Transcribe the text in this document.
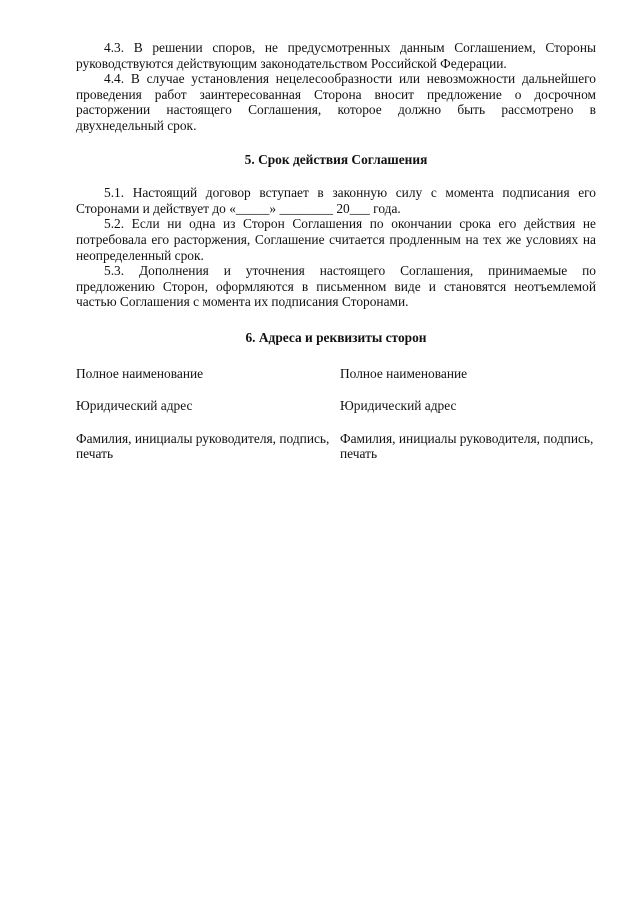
4.3. В решении споров, не предусмотренных данным Соглашением, Стороны руководствуются действующим законодательством Российской Федерации.

4.4. В случае установления нецелесообразности или невозможности дальнейшего проведения работ заинтересованная Сторона вносит предложение о досрочном расторжении настоящего Соглашения, которое должно быть рассмотрено в двухнедельный срок.

5. Срок действия Соглашения

5.1. Настоящий договор вступает в законную силу с момента подписания его Сторонами и действует до «_____» ________ 20___ года.

5.2. Если ни одна из Сторон Соглашения по окончании срока его действия не потребовала его расторжения, Соглашение считается продленным на тех же условиях на неопределенный срок.

5.3. Дополнения и уточнения настоящего Соглашения, принимаемые по предложению Сторон, оформляются в письменном виде и становятся неотъемлемой частью Соглашения с момента их подписания Сторонами.

6. Адреса и реквизиты сторон

Полное наименование	Полное наименование

Юридический адрес	Юридический адрес

Фамилия, инициалы руководителя, подпись, печать

Фамилия, инициалы руководителя, подпись, печать
